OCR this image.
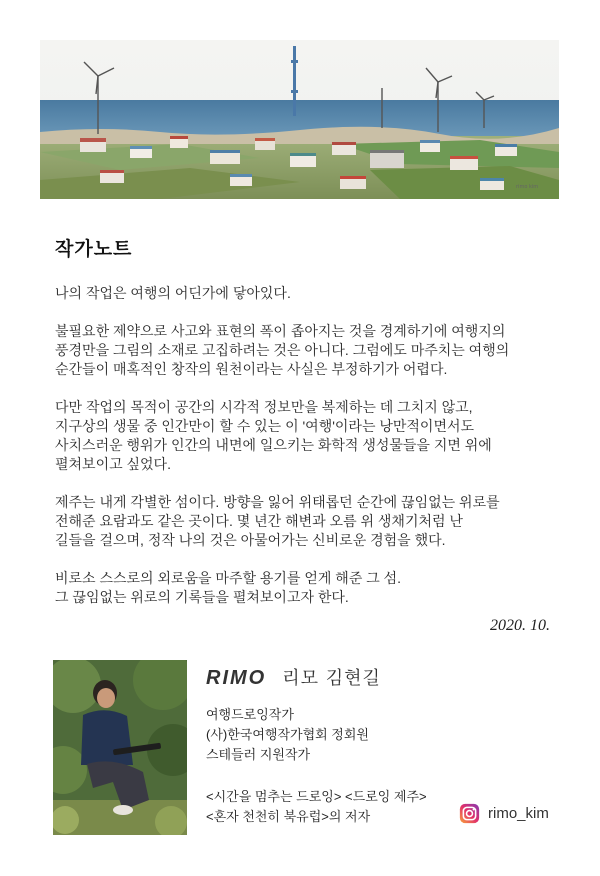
rimo kim
작가노트

나의 작업은 여행의 어딘가에 닿아있다.

불필요한 제약으로 사고와 표현의 폭이 좁아지는 것을 경계하기에 여행지의
풍경만을 그림의 소재로 고집하려는 것은 아니다. 그럼에도 마주치는 여행의
순간들이 매혹적인 창작의 원천이라는 사실은 부정하기가 어렵다.

다만 작업의 목적이 공간의 시각적 정보만을 복제하는 데 그치지 않고,
지구상의 생물 중 인간만이 할 수 있는 이 '여행'이라는 낭만적이면서도
사치스러운 행위가 인간의 내면에 일으키는 화학적 생성물들을 지면 위에
펼쳐보이고 싶었다.

제주는 내게 각별한 섬이다. 방향을 잃어 위태롭던 순간에 끊임없는 위로를
전해준 요람과도 같은 곳이다. 몇 년간 해변과 오름 위 생채기처럼 난
길들을 걸으며, 정작 나의 것은 아물어가는 신비로운 경험을 했다.

비로소 스스로의 외로움을 마주할 용기를 얻게 해준 그 섬.
그 끊임없는 위로의 기록들을 펼쳐보이고자 한다.

2020. 10.
RIMO 리모 김현길
여행드로잉작가
(사)한국여행작가협회 정회원
스테들러 지원작가
<시간을 멈추는 드로잉> <드로잉 제주>
<혼자 천천히 북유럽>의 저자	rimo_kim
